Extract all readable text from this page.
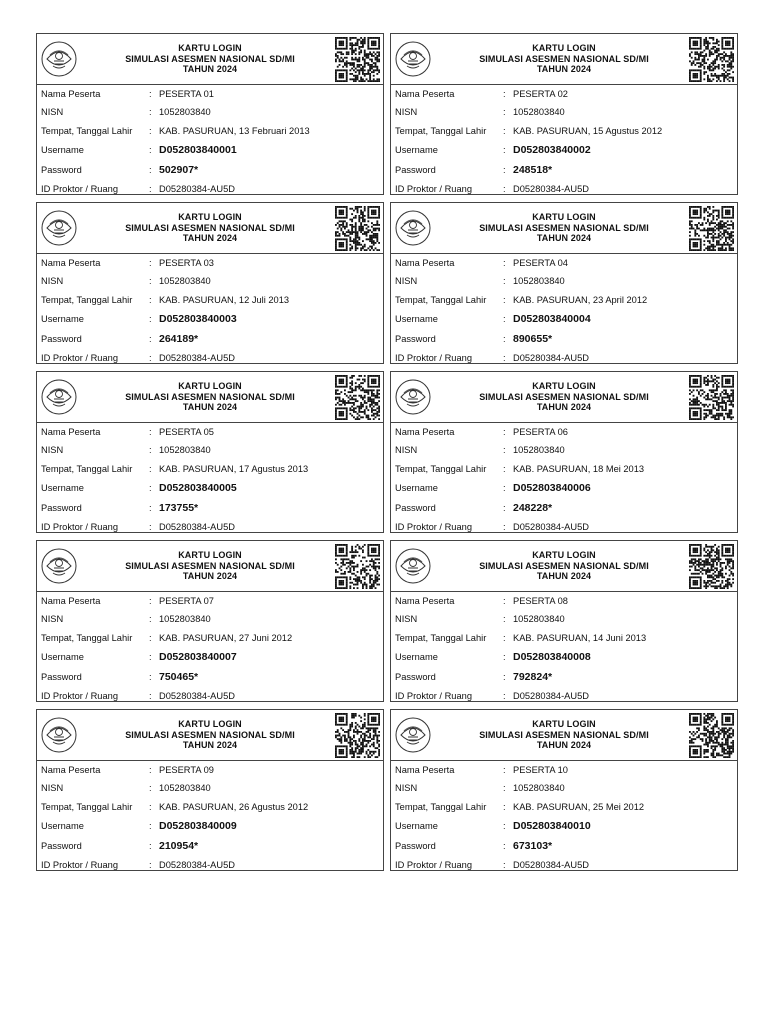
KARTU LOGIN
SIMULASI ASESMEN NASIONAL SD/MI
TAHUN 2024
Nama Peserta	: PESERTA 01
NISN	: 1052803840
Tempat, Tanggal Lahir : KAB. PASURUAN, 13 Februari 2013
Username	: D052803840001
Password	: 502907*
ID Proktor / Ruang	: D05280384-AU5D
KARTU LOGIN
SIMULASI ASESMEN NASIONAL SD/MI
TAHUN 2024
Nama Peserta	: PESERTA 02
NISN	: 1052803840
Tempat, Tanggal Lahir : KAB. PASURUAN, 15 Agustus 2012
Username	: D052803840002
Password	: 248518*
ID Proktor / Ruang	: D05280384-AU5D
KARTU LOGIN
SIMULASI ASESMEN NASIONAL SD/MI
TAHUN 2024
Nama Peserta	: PESERTA 03
NISN	: 1052803840
Tempat, Tanggal Lahir : KAB. PASURUAN, 12 Juli 2013
Username	: D052803840003
Password	: 264189*
ID Proktor / Ruang	: D05280384-AU5D
KARTU LOGIN
SIMULASI ASESMEN NASIONAL SD/MI
TAHUN 2024
Nama Peserta	: PESERTA 04
NISN	: 1052803840
Tempat, Tanggal Lahir : KAB. PASURUAN, 23 April 2012
Username	: D052803840004
Password	: 890655*
ID Proktor / Ruang	: D05280384-AU5D
KARTU LOGIN
SIMULASI ASESMEN NASIONAL SD/MI
TAHUN 2024
Nama Peserta	: PESERTA 05
NISN	: 1052803840
Tempat, Tanggal Lahir : KAB. PASURUAN, 17 Agustus 2013
Username	: D052803840005
Password	: 173755*
ID Proktor / Ruang	: D05280384-AU5D
KARTU LOGIN
SIMULASI ASESMEN NASIONAL SD/MI
TAHUN 2024
Nama Peserta	: PESERTA 06
NISN	: 1052803840
Tempat, Tanggal Lahir : KAB. PASURUAN, 18 Mei 2013
Username	: D052803840006
Password	: 248228*
ID Proktor / Ruang	: D05280384-AU5D
KARTU LOGIN
SIMULASI ASESMEN NASIONAL SD/MI
TAHUN 2024
Nama Peserta	: PESERTA 07
NISN	: 1052803840
Tempat, Tanggal Lahir : KAB. PASURUAN, 27 Juni 2012
Username	: D052803840007
Password	: 750465*
ID Proktor / Ruang	: D05280384-AU5D
KARTU LOGIN
SIMULASI ASESMEN NASIONAL SD/MI
TAHUN 2024
Nama Peserta	: PESERTA 08
NISN	: 1052803840
Tempat, Tanggal Lahir : KAB. PASURUAN, 14 Juni 2013
Username	: D052803840008
Password	: 792824*
ID Proktor / Ruang	: D05280384-AU5D
KARTU LOGIN
SIMULASI ASESMEN NASIONAL SD/MI
TAHUN 2024
Nama Peserta	: PESERTA 09
NISN	: 1052803840
Tempat, Tanggal Lahir : KAB. PASURUAN, 26 Agustus 2012
Username	: D052803840009
Password	: 210954*
ID Proktor / Ruang	: D05280384-AU5D
KARTU LOGIN
SIMULASI ASESMEN NASIONAL SD/MI
TAHUN 2024
Nama Peserta	: PESERTA 10
NISN	: 1052803840
Tempat, Tanggal Lahir : KAB. PASURUAN, 25 Mei 2012
Username	: D052803840010
Password	: 673103*
ID Proktor / Ruang	: D05280384-AU5D
